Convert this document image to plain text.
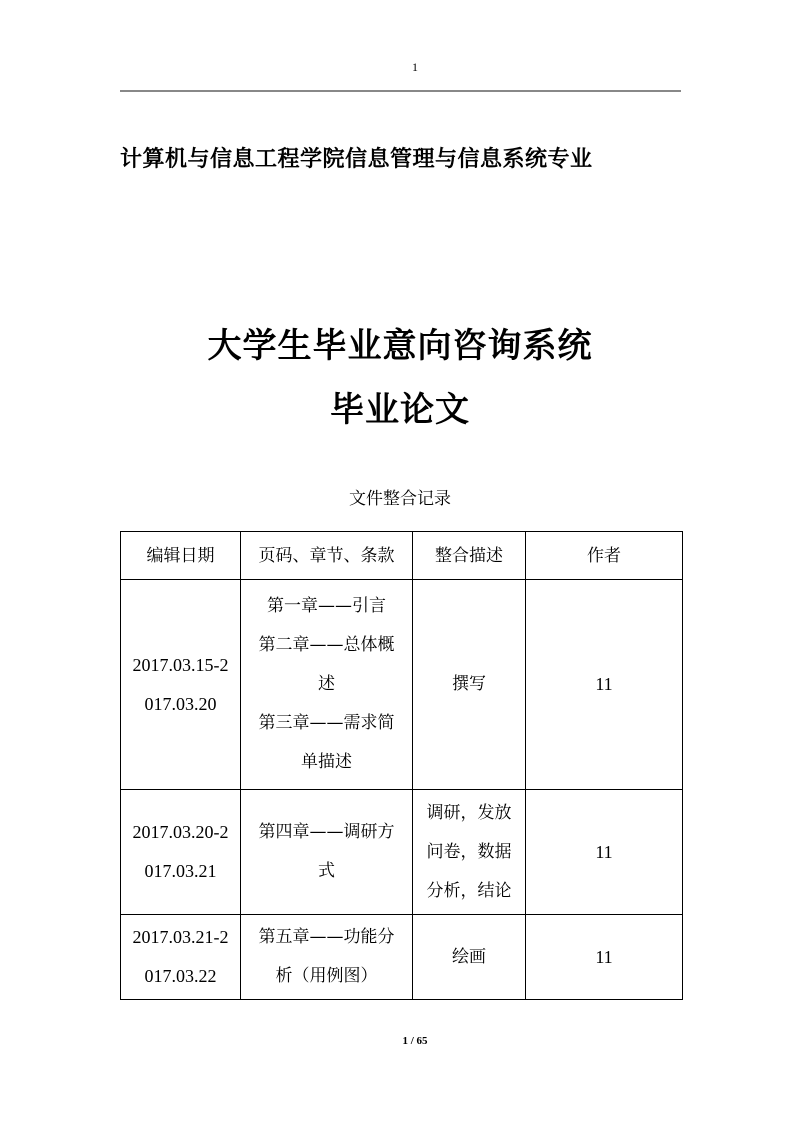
1
计算机与信息工程学院信息管理与信息系统专业
大学生毕业意向咨询系统
毕业论文
文件整合记录
编辑日期	页码、章节、条款	整合描述	作者

2017.03.15-2
017.03.20	第一章——引言
第二章——总体概
述
第三章——需求简
单描述	撰写	11

2017.03.20-2
017.03.21	第四章——调研方
式	调研，发放
问卷，数据
分析，结论	11

2017.03.21-2
017.03.22	第五章——功能分
析（用例图）	绘画	11
1 / 65
